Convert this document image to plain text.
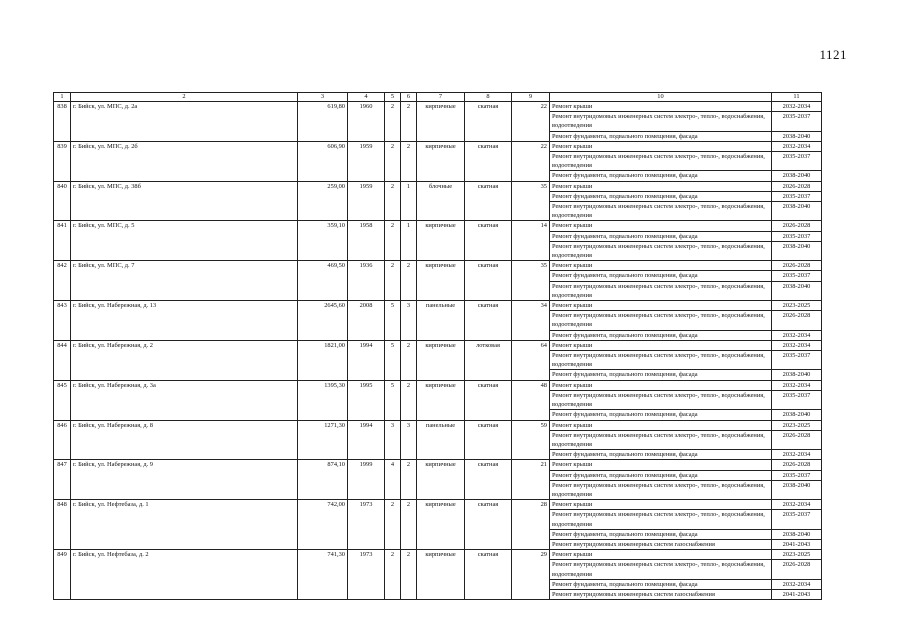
1121
1	2	3	4	5	6	7	8	9	10	11
838	г. Бийск, ул. МПС, д. 2а	619,80	1960	2	2	кирпичные	скатная	22	Ремонт крыши	2032-2034
									Ремонт внутридомовых инженерных систем электро-, тепло-, водоснабжения, водоотведения	2035-2037
									Ремонт фундамента, подвального помещения, фасада	2038-2040
839	г. Бийск, ул. МПС, д. 2б	606,90	1959	2	2	кирпичные	скатная	22	Ремонт крыши	2032-2034
									Ремонт внутридомовых инженерных систем электро-, тепло-, водоснабжения, водоотведения	2035-2037
									Ремонт фундамента, подвального помещения, фасада	2038-2040
840	г. Бийск, ул. МПС, д. 38б	259,00	1959	2	1	блочные	скатная	35	Ремонт крыши	2026-2028
									Ремонт фундамента, подвального помещения, фасада	2035-2037
									Ремонт внутридомовых инженерных систем электро-, тепло-, водоснабжения, водоотведения	2038-2040
841	г. Бийск, ул. МПС, д. 5	359,10	1958	2	1	кирпичные	скатная	14	Ремонт крыши	2026-2028
									Ремонт фундамента, подвального помещения, фасада	2035-2037
									Ремонт внутридомовых инженерных систем электро-, тепло-, водоснабжения, водоотведения	2038-2040
842	г. Бийск, ул. МПС, д. 7	469,50	1936	2	2	кирпичные	скатная	35	Ремонт крыши	2026-2028
									Ремонт фундамента, подвального помещения, фасада	2035-2037
									Ремонт внутридомовых инженерных систем электро-, тепло-, водоснабжения, водоотведения	2038-2040
843	г. Бийск, ул. Набережная, д. 13	2645,60	2008	5	3	панельные	скатная	34	Ремонт крыши	2023-2025
									Ремонт внутридомовых инженерных систем электро-, тепло-, водоснабжения, водоотведения	2026-2028
									Ремонт фундамента, подвального помещения, фасада	2032-2034
844	г. Бийск, ул. Набережная, д. 2	1821,00	1994	5	2	кирпичные	лотковая	64	Ремонт крыши	2032-2034
									Ремонт внутридомовых инженерных систем электро-, тепло-, водоснабжения, водоотведения	2035-2037
									Ремонт фундамента, подвального помещения, фасада	2038-2040
845	г. Бийск, ул. Набережная, д. 3а	1395,30	1995	5	2	кирпичные	скатная	48	Ремонт крыши	2032-2034
									Ремонт внутридомовых инженерных систем электро-, тепло-, водоснабжения, водоотведения	2035-2037
									Ремонт фундамента, подвального помещения, фасада	2038-2040
846	г. Бийск, ул. Набережная, д. 8	1271,30	1994	3	3	панельные	скатная	59	Ремонт крыши	2023-2025
									Ремонт внутридомовых инженерных систем электро-, тепло-, водоснабжения, водоотведения	2026-2028
									Ремонт фундамента, подвального помещения, фасада	2032-2034
847	г. Бийск, ул. Набережная, д. 9	874,10	1999	4	2	кирпичные	скатная	21	Ремонт крыши	2026-2028
									Ремонт фундамента, подвального помещения, фасада	2035-2037
									Ремонт внутридомовых инженерных систем электро-, тепло-, водоснабжения, водоотведения	2038-2040
848	г. Бийск, ул. Нефтебаза, д. 1	742,00	1973	2	2	кирпичные	скатная	28	Ремонт крыши	2032-2034
									Ремонт внутридомовых инженерных систем электро-, тепло-, водоснабжения, водоотведения	2035-2037
									Ремонт фундамента, подвального помещения, фасада	2038-2040
									Ремонт внутридомовых инженерных систем газоснабжения	2041-2043
849	г. Бийск, ул. Нефтебаза, д. 2	741,30	1973	2	2	кирпичные	скатная	29	Ремонт крыши	2023-2025
									Ремонт внутридомовых инженерных систем электро-, тепло-, водоснабжения, водоотведения	2026-2028
									Ремонт фундамента, подвального помещения, фасада	2032-2034
									Ремонт внутридомовых инженерных систем газоснабжения	2041-2043
